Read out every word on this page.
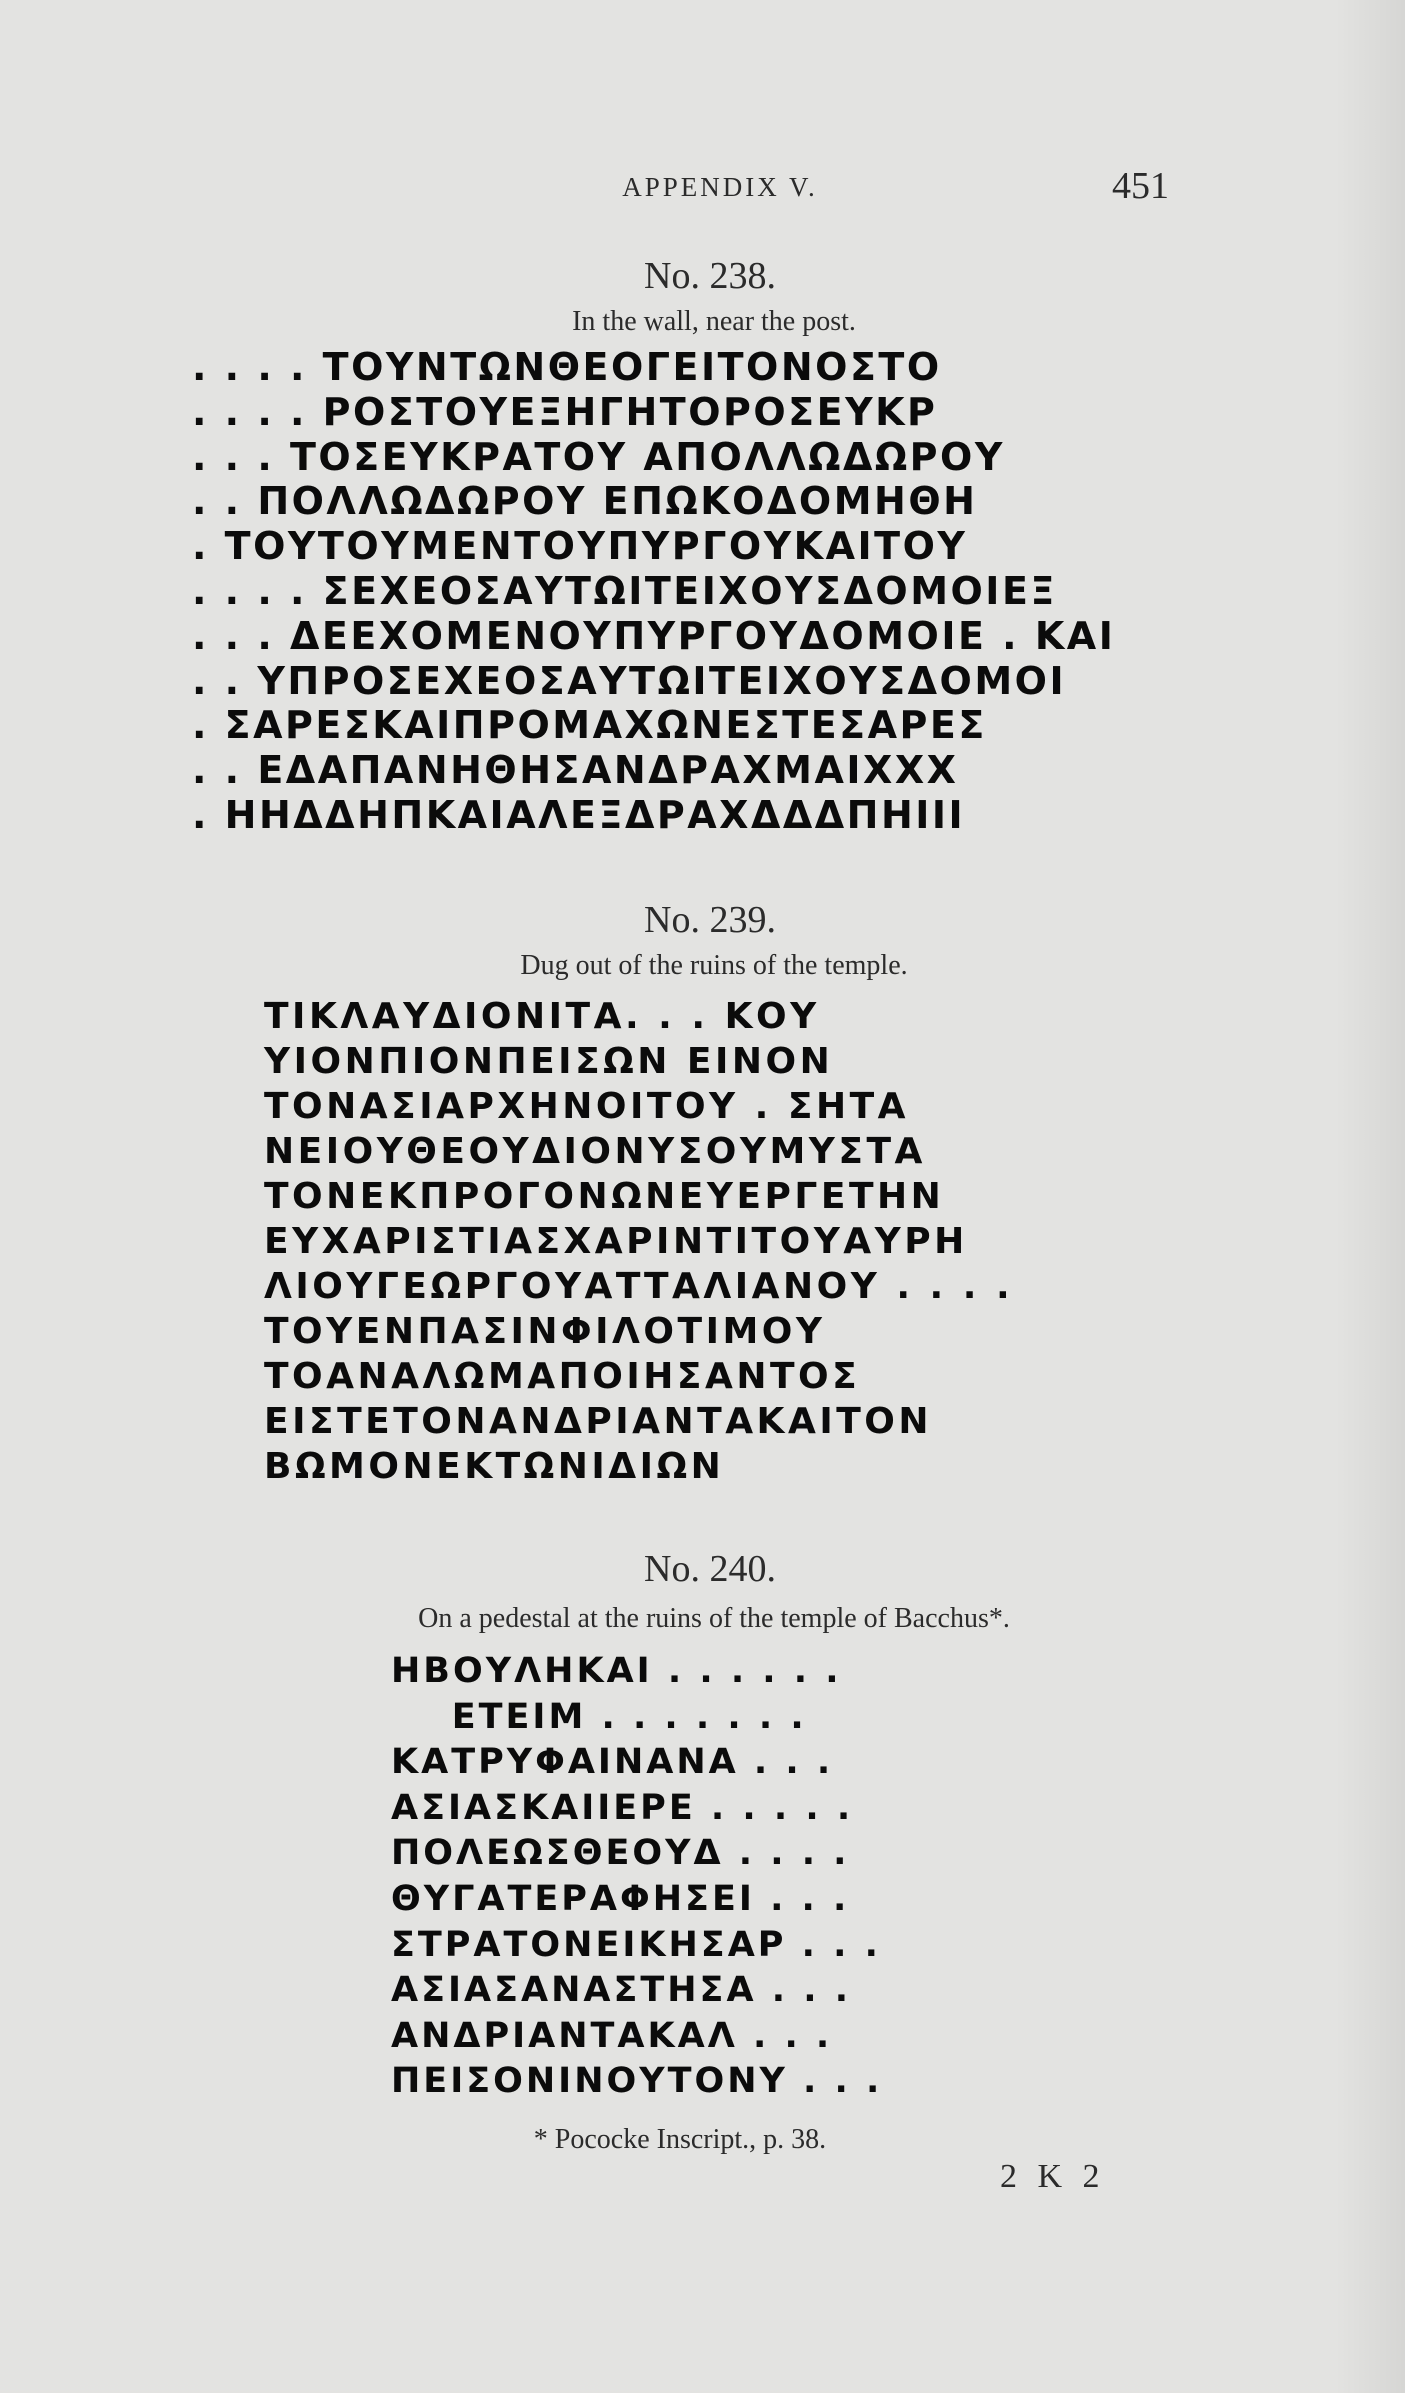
APPENDIX V.	451
No. 238.
In the wall, near the post.

. . . . ΤΟΥΝΤΩΝΘΕΟΓΕΙΤΟΝΟΣΤΟ

. . . . ΡΟΣΤΟΥΕΞΗΓΗΤΟΡΟΣΕΥΚΡ

. . . ΤΟΣΕΥΚΡΑΤΟΥ ΑΠΟΛΛΩΔΩΡΟΥ

. . ΠΟΛΛΩΔΩΡΟΥ ΕΠΩΚΟΔΟΜΗΘΗ

. ΤΟΥΤΟΥΜΕΝΤΟΥΠΥΡΓΟΥΚΑΙΤΟΥ

. . . . ΣΕΧΕΟΣΑΥΤΩΙΤΕΙΧΟΥΣΔΟΜΟΙΕΞ

. . . ΔΕΕΧΟΜΕΝΟΥΠΥΡΓΟΥΔΟΜΟΙΕ . ΚΑΙ

. . ΥΠΡΟΣΕΧΕΟΣΑΥΤΩΙΤΕΙΧΟΥΣΔΟΜΟΙ

. ΣΑΡΕΣΚΑΙΠΡΟΜΑΧΩΝΕΣΤΕΣΑΡΕΣ

. . ΕΔΑΠΑΝΗΘΗΣΑΝΔΡΑΧΜΑΙΧΧΧ

. ΗΗΔΔΗΠΚΑΙΑΛΕΞΔΡΑΧΔΔΔΠΗΙΙΙ

No. 239.
Dug out of the ruins of the temple.

ΤΙΚΛΑΥΔΙΟΝΙΤΑ. . . ΚΟΥ

ΥΙΟΝΠΙΟΝΠΕΙΣΩΝ ΕΙΝΟΝ

ΤΟΝΑΣΙΑΡΧΗΝΟΙΤΟΥ . ΣΗΤΑ

ΝΕΙΟΥΘΕΟΥΔΙΟΝΥΣΟΥΜΥΣΤΑ

ΤΟΝΕΚΠΡΟΓΟΝΩΝΕΥΕΡΓΕΤΗΝ

ΕΥΧΑΡΙΣΤΙΑΣΧΑΡΙΝΤΙΤΟΥΑΥΡΗ

ΛΙΟΥΓΕΩΡΓΟΥΑΤΤΑΛΙΑΝΟΥ . . . .

ΤΟΥΕΝΠΑΣΙΝΦΙΛΟΤΙΜΟΥ

ΤΟΑΝΑΛΩΜΑΠΟΙΗΣΑΝΤΟΣ

ΕΙΣΤΕΤΟΝΑΝΔΡΙΑΝΤΑΚΑΙΤΟΝ

ΒΩΜΟΝΕΚΤΩΝΙΔΙΩΝ

No. 240.
On a pedestal at the ruins of the temple of Bacchus*.

ΗΒΟΥΛΗΚΑΙ . . . . . .

ΕΤΕΙΜ . . . . . . .

ΚΑΤΡΥΦΑΙΝΑΝΑ . . .

ΑΣΙΑΣΚΑΙΙΕΡΕ . . . . .

ΠΟΛΕΩΣΘΕΟΥΔ . . . .

ΘΥΓΑΤΕΡΑΦΗΣΕΙ . . .

ΣΤΡΑΤΟΝΕΙΚΗΣΑΡ . . .

ΑΣΙΑΣΑΝΑΣΤΗΣΑ . . .

ΑΝΔΡΙΑΝΤΑΚΑΛ . . .

ΠΕΙΣΟΝΙΝΟΥΤΟΝΥ . . .

* Pococke Inscript., p. 38.
2 K 2
